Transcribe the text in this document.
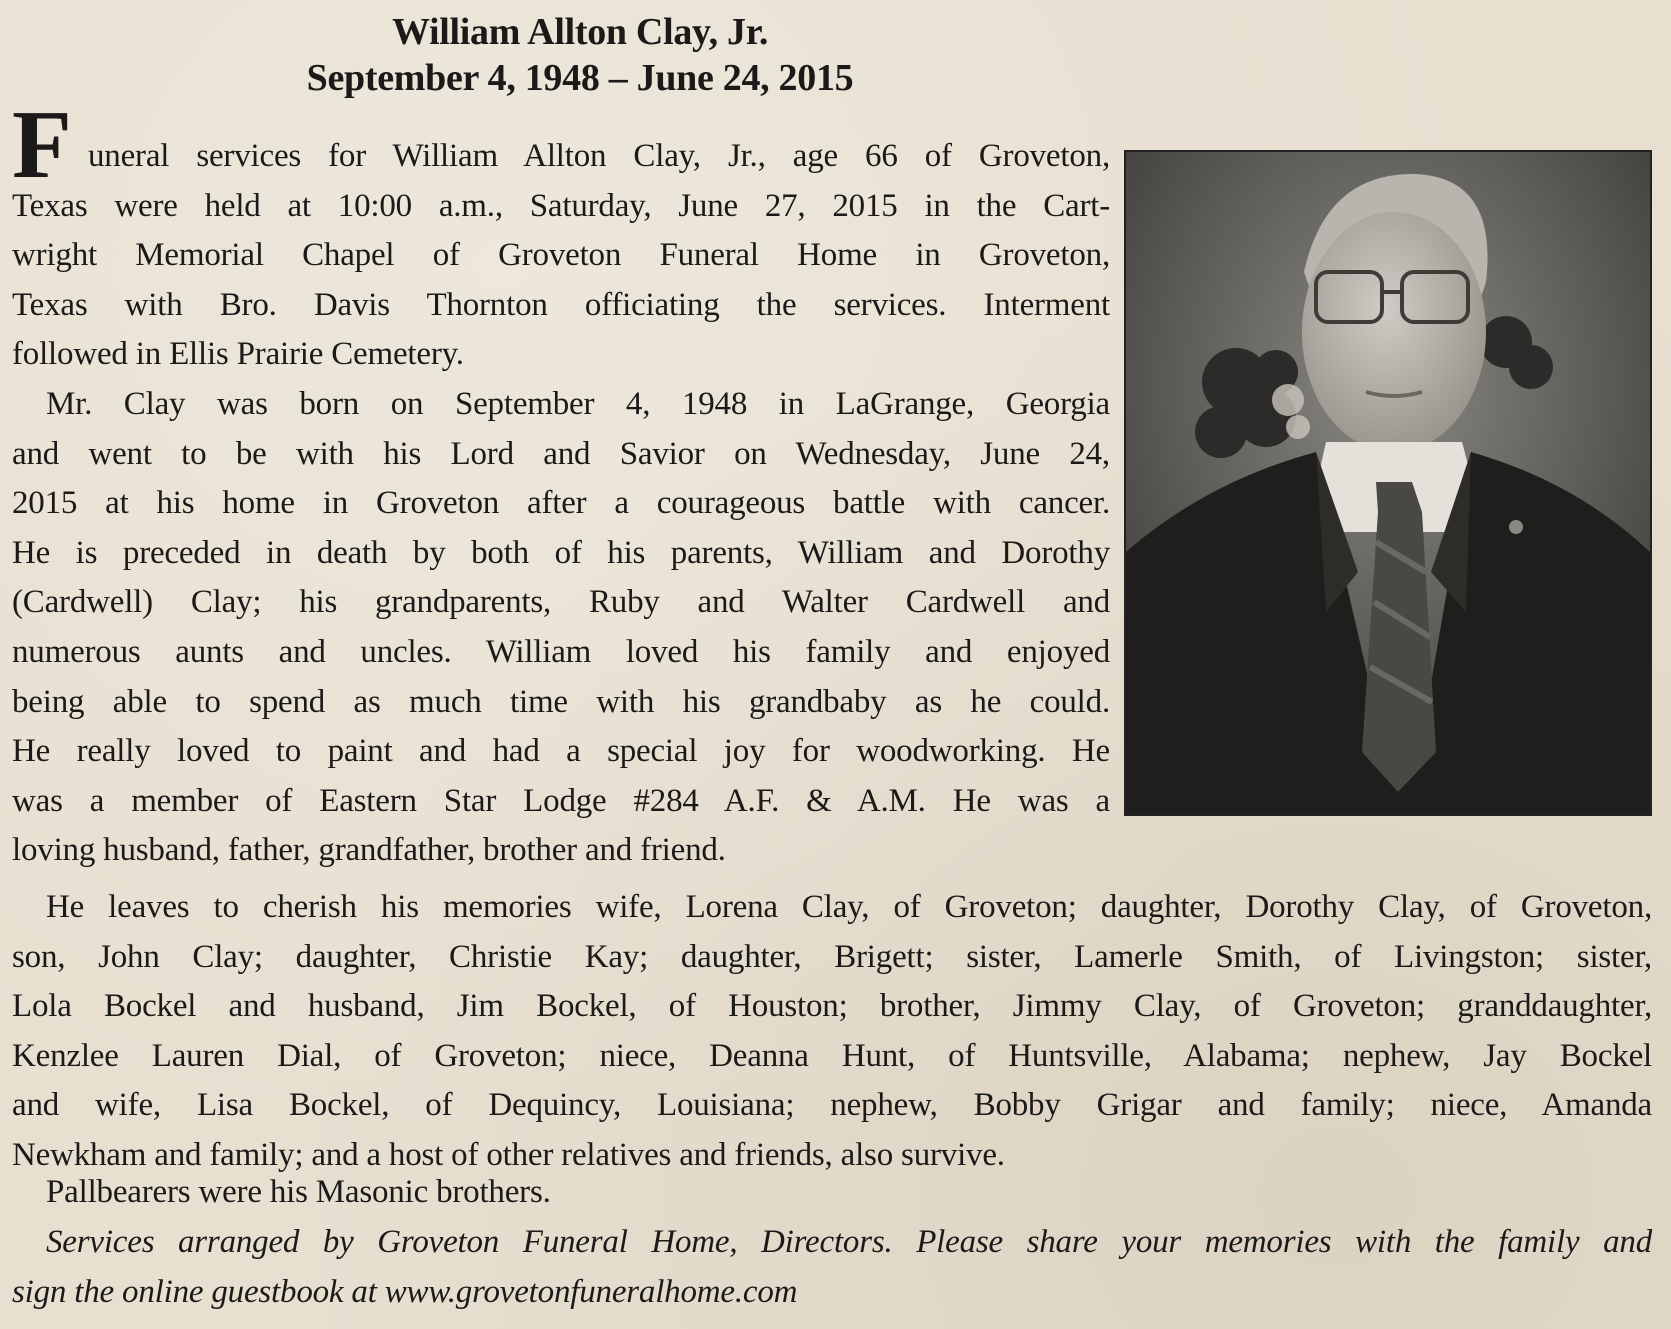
William Allton Clay, Jr.
September 4, 1948 – June 24, 2015
F uneral services for William Allton Clay, Jr., age 66 of Groveton,
Texas were held at 10:00 a.m., Saturday, June 27, 2015 in the Cart-
wright Memorial Chapel of Groveton Funeral Home in Groveton,
Texas with Bro. Davis Thornton officiating the services. Interment
followed in Ellis Prairie Cemetery.
Mr. Clay was born on September 4, 1948 in LaGrange, Georgia
and went to be with his Lord and Savior on Wednesday, June 24,
2015 at his home in Groveton after a courageous battle with cancer.
He is preceded in death by both of his parents, William and Dorothy
(Cardwell) Clay; his grandparents, Ruby and Walter Cardwell and
numerous aunts and uncles. William loved his family and enjoyed
being able to spend as much time with his grandbaby as he could.
He really loved to paint and had a special joy for woodworking. He
was a member of Eastern Star Lodge #284 A.F. & A.M. He was a
loving husband, father, grandfather, brother and friend.
He leaves to cherish his memories wife, Lorena Clay, of Groveton; daughter, Dorothy Clay, of Groveton,
son, John Clay; daughter, Christie Kay; daughter, Brigett; sister, Lamerle Smith, of Livingston; sister,
Lola Bockel and husband, Jim Bockel, of Houston; brother, Jimmy Clay, of Groveton; granddaughter,
Kenzlee Lauren Dial, of Groveton; niece, Deanna Hunt, of Huntsville, Alabama; nephew, Jay Bockel
and wife, Lisa Bockel, of Dequincy, Louisiana; nephew, Bobby Grigar and family; niece, Amanda
Newkham and family; and a host of other relatives and friends, also survive.
Pallbearers were his Masonic brothers.
Services arranged by Groveton Funeral Home, Directors. Please share your memories with the family and
sign the online guestbook at www.grovetonfuneralhome.com
